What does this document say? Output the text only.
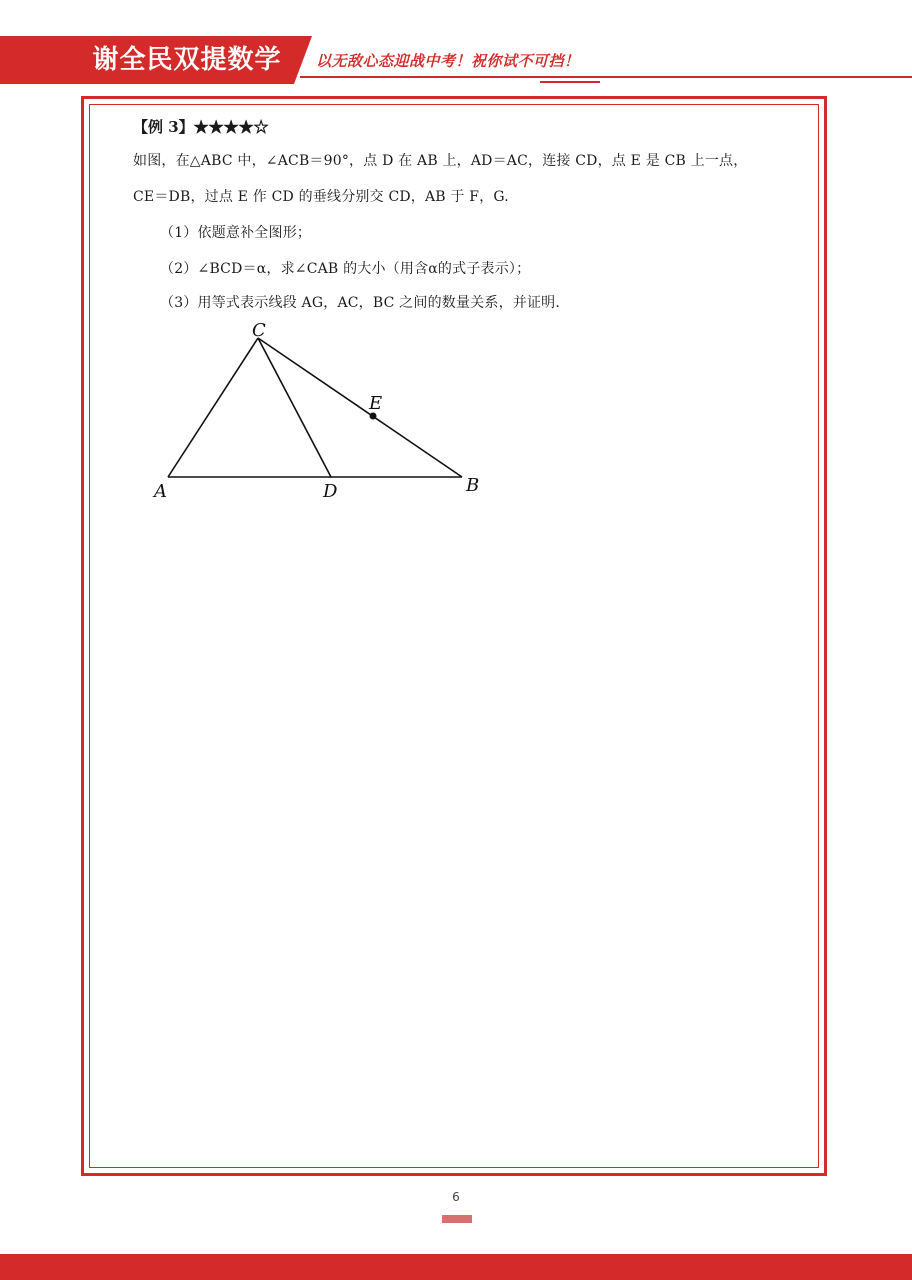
谢全民双提数学	以无敌心态迎战中考！祝你试不可挡！
【例 3】★★★★☆
如图，在△ABC 中，∠ACB＝90°，点 D 在 AB 上，AD＝AC，连接 CD，点 E 是 CB 上一点，
CE＝DB，过点 E 作 CD 的垂线分别交 CD，AB 于 F，G.
（1）依题意补全图形；
（2）∠BCD＝α，求∠CAB 的大小（用含α的式子表示）；
（3）用等式表示线段 AG，AC，BC 之间的数量关系，并证明.
C
E
A	D	B
6
